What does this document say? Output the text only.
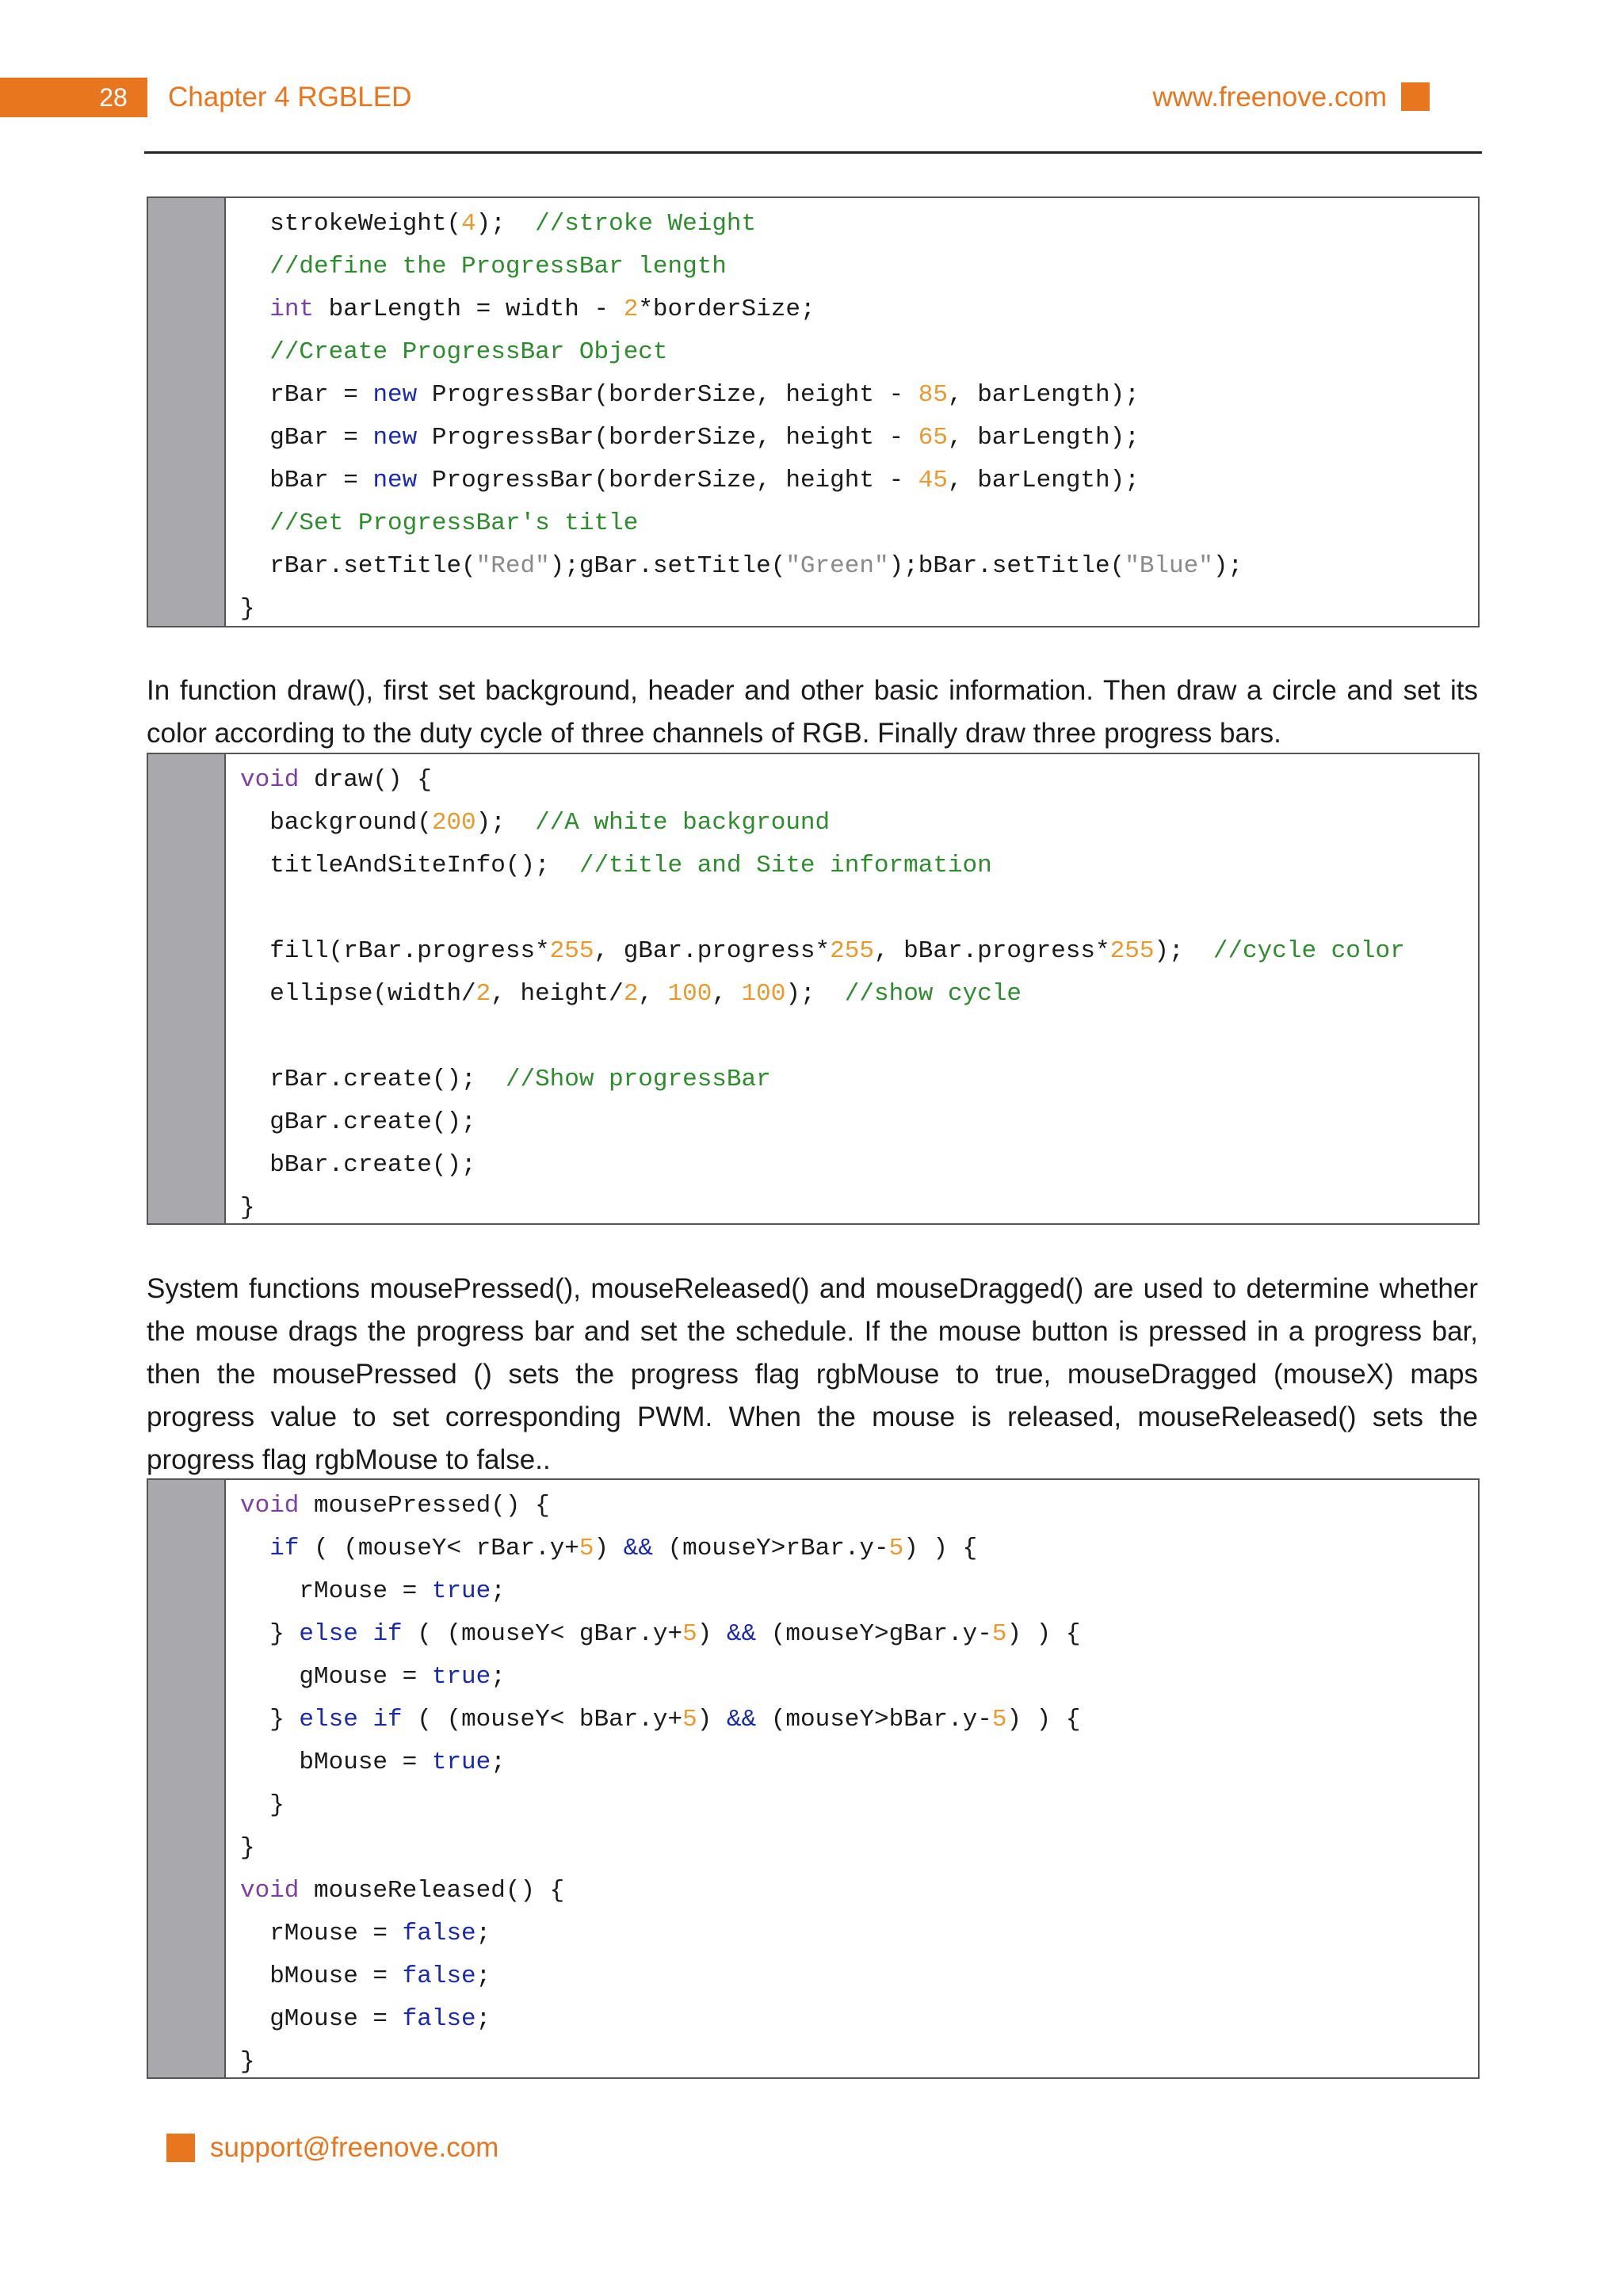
28	Chapter 4 RGBLED	www.freenove.com
strokeWeight(4);  //stroke Weight
//define the ProgressBar length
int barLength = width - 2*borderSize;
//Create ProgressBar Object
rBar = new ProgressBar(borderSize, height - 85, barLength);
gBar = new ProgressBar(borderSize, height - 65, barLength);
bBar = new ProgressBar(borderSize, height - 45, barLength);
//Set ProgressBar's title
rBar.setTitle("Red");gBar.setTitle("Green");bBar.setTitle("Blue");
}
In function draw(), first set background, header and other basic information. Then draw a circle and set its color according to the duty cycle of three channels of RGB. Finally draw three progress bars.
void draw() {
background(200);  //A white background
titleAndSiteInfo();  //title and Site information
fill(rBar.progress*255, gBar.progress*255, bBar.progress*255);  //cycle color
ellipse(width/2, height/2, 100, 100);  //show cycle
rBar.create();  //Show progressBar
gBar.create();
bBar.create();
}
System functions mousePressed(), mouseReleased() and mouseDragged() are used to determine whether the mouse drags the progress bar and set the schedule. If the mouse button is pressed in a progress bar, then the mousePressed () sets the progress flag rgbMouse to true, mouseDragged (mouseX) maps progress value to set corresponding PWM. When the mouse is released, mouseReleased() sets the progress flag rgbMouse to false..
void mousePressed() {
if ( (mouseY< rBar.y+5) && (mouseY>rBar.y-5) ) {
rMouse = true;
} else if ( (mouseY< gBar.y+5) && (mouseY>gBar.y-5) ) {
gMouse = true;
} else if ( (mouseY< bBar.y+5) && (mouseY>bBar.y-5) ) {
bMouse = true;
}
}
void mouseReleased() {
rMouse = false;
bMouse = false;
gMouse = false;
}
support@freenove.com
